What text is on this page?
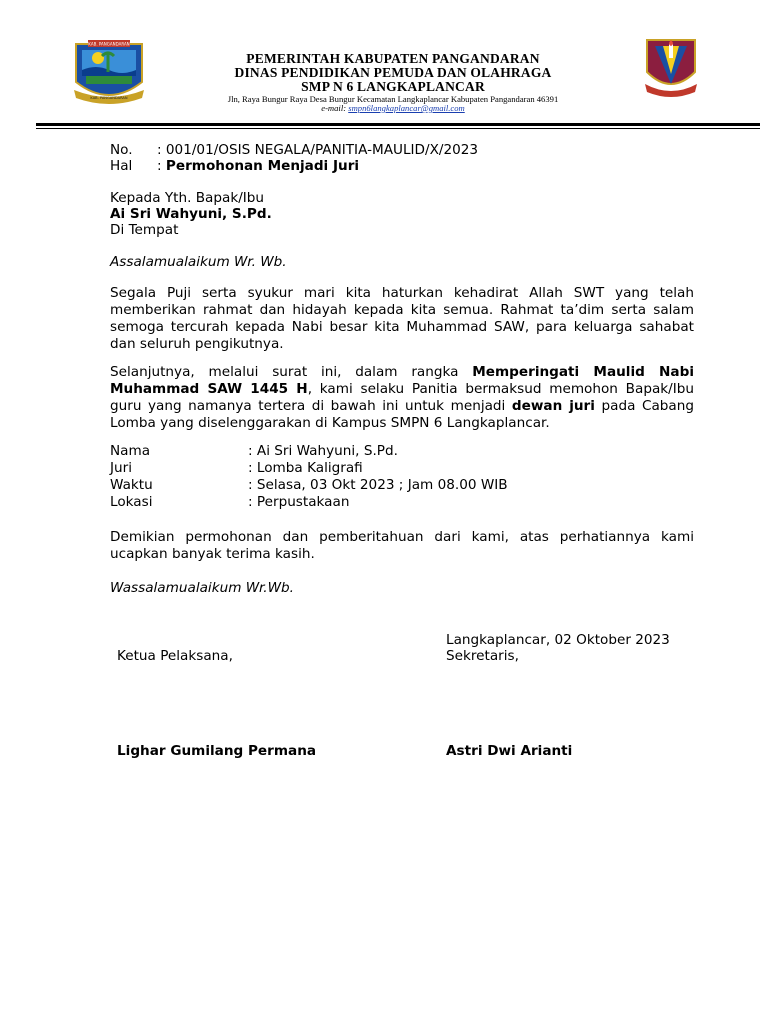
KAB. PANGANDARAN
KAB. PANGANDARAN
PEMERINTAH KABUPATEN PANGANDARAN
DINAS PENDIDIKAN PEMUDA DAN OLAHRAGA
SMP N 6 LANGKAPLANCAR
Jln, Raya Bungur Raya Desa Bungur Kecamatan Langkaplancar Kabupaten Pangandaran 46391
e-mail: smpn6langkaplancar@gmail.com
No. : 001/01/OSIS NEGALA/PANITIA-MAULID/X/2023
Hal : Permohonan Menjadi Juri
Kepada Yth. Bapak/Ibu
Ai Sri Wahyuni, S.Pd.
Di Tempat
Assalamualaikum Wr. Wb.
Segala Puji serta syukur mari kita haturkan kehadirat Allah SWT yang telah memberikan rahmat dan hidayah kepada kita semua. Rahmat ta’dim serta salam semoga tercurah kepada Nabi besar kita Muhammad SAW, para keluarga sahabat dan seluruh pengikutnya.
Selanjutnya, melalui surat ini, dalam rangka Memperingati Maulid Nabi Muhammad SAW 1445 H, kami selaku Panitia bermaksud memohon Bapak/Ibu guru yang namanya tertera di bawah ini untuk menjadi dewan juri pada Cabang Lomba yang diselenggarakan di Kampus SMPN 6 Langkaplancar.
Nama	: Ai Sri Wahyuni, S.Pd.
Juri	: Lomba Kaligrafi
Waktu	: Selasa, 03 Okt 2023 ; Jam 08.00 WIB
Lokasi	: Perpustakaan
Demikian permohonan dan pemberitahuan dari kami, atas perhatiannya kami ucapkan banyak terima kasih.
Wassalamualaikum Wr.Wb.
Langkaplancar, 02 Oktober 2023
Ketua Pelaksana,	Sekretaris,
Lighar Gumilang Permana	Astri Dwi Arianti
